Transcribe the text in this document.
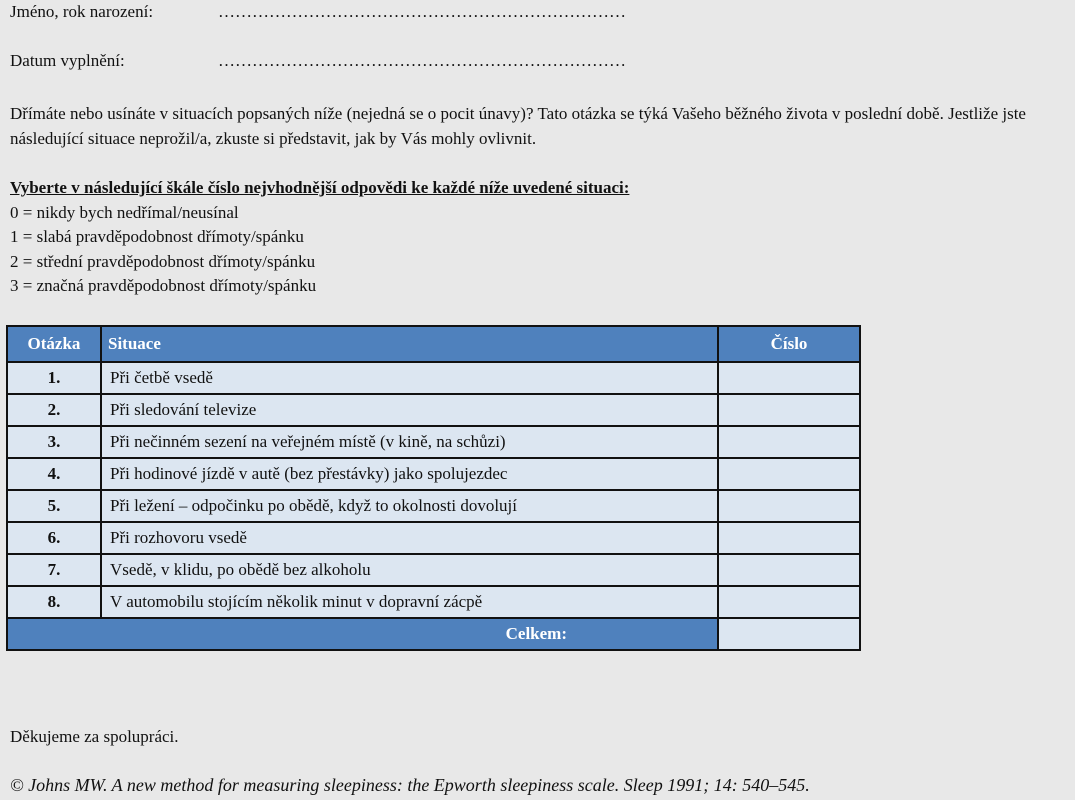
Jméno, rok narození:	………………………………………………………………
Datum vyplnění:	………………………………………………………………

Dřímáte nebo usínáte v situacích popsaných níže (nejedná se o pocit únavy)? Tato otázka se týká Vašeho běžného života v poslední době. Jestliže jste následující situace neprožil/a, zkuste si představit, jak by Vás mohly ovlivnit.

Vyberte v následující škále číslo nejvhodnější odpovědi ke každé níže uvedené situaci:
0 = nikdy bych nedřímal/neusínal
1 = slabá pravděpodobnost dřímoty/spánku
2 = střední pravděpodobnost dřímoty/spánku
3 = značná pravděpodobnost dřímoty/spánku
Otázka	Situace	Číslo
1.	Při četbě vsedě	
2.	Při sledování televize	
3.	Při nečinném sezení na veřejném místě (v kině, na schůzi)	
4.	Při hodinové jízdě v autě (bez přestávky) jako spolujezdec	
5.	Při ležení – odpočinku po obědě, když to okolnosti dovolují	
6.	Při rozhovoru vsedě	
7.	Vsedě, v klidu, po obědě bez alkoholu	
8.	V automobilu stojícím několik minut v dopravní zácpě	
Celkem:		
Děkujeme za spolupráci.
© Johns MW. A new method for measuring sleepiness: the Epworth sleepiness scale. Sleep 1991; 14: 540–545.
